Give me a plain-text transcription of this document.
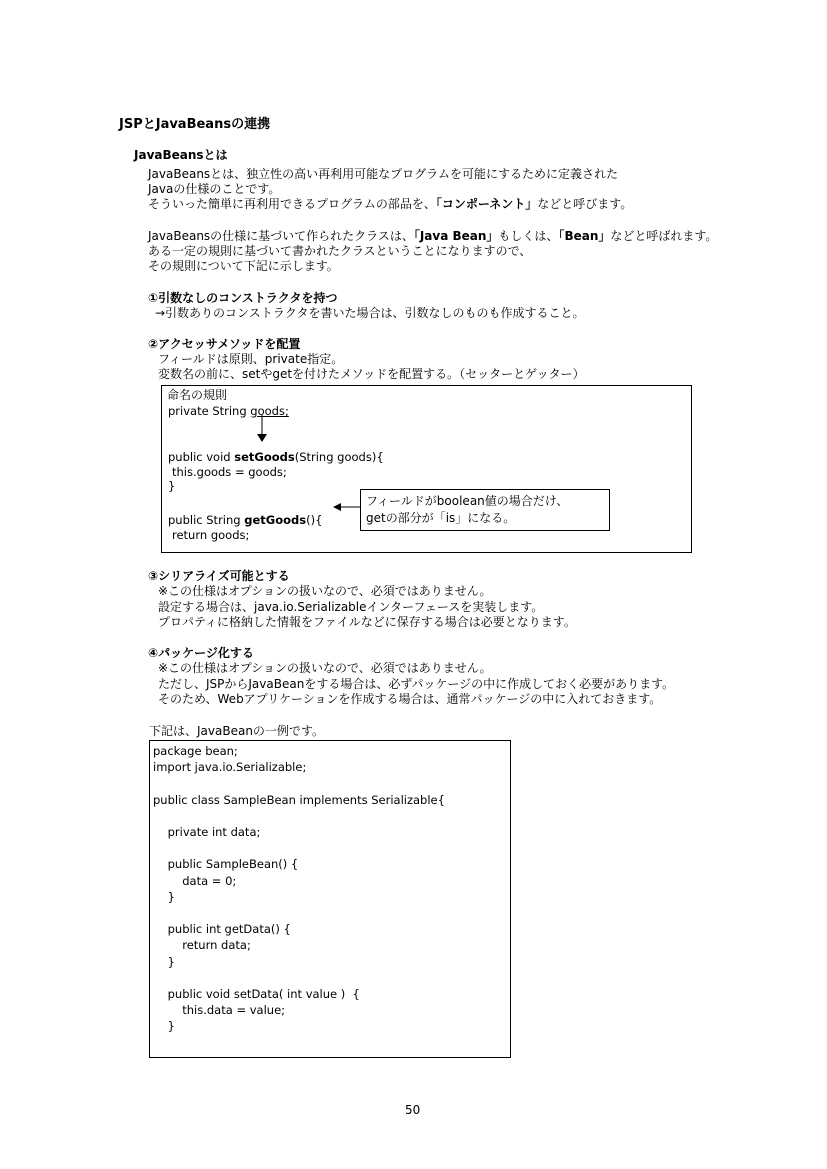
JSPとJavaBeansの連携
JavaBeansとは
JavaBeansとは、独立性の高い再利用可能なプログラムを可能にするために定義された
Javaの仕様のことです。
そういった簡単に再利用できるプログラムの部品を、「コンポーネント」などと呼びます。
JavaBeansの仕様に基づいて作られたクラスは、「Java Bean」もしくは、「Bean」などと呼ばれます。
ある一定の規則に基づいて書かれたクラスということになりますので、
その規則について下記に示します。
①引数なしのコンストラクタを持つ
→引数ありのコンストラクタを書いた場合は、引数なしのものも作成すること。
②アクセッサメソッドを配置
フィールドは原則、private指定。
変数名の前に、setやgetを付けたメソッドを配置する。（セッターとゲッター）
命名の規則
private String goods;
public void setGoods(String goods){
this.goods = goods;
}
public String getGoods(){
return goods;
フィールドがboolean値の場合だけ、
getの部分が「is」になる。
③シリアライズ可能とする
※この仕様はオプションの扱いなので、必須ではありません。
設定する場合は、java.io.Serializableインターフェースを実装します。
プロパティに格納した情報をファイルなどに保存する場合は必要となります。
④パッケージ化する
※この仕様はオプションの扱いなので、必須ではありません。
ただし、JSPからJavaBeanをする場合は、必ずパッケージの中に作成しておく必要があります。
そのため、Webアプリケーションを作成する場合は、通常パッケージの中に入れておきます。
下記は、JavaBeanの一例です。
package bean;
import java.io.Serializable;
public class SampleBean implements Serializable{
private int data;
public SampleBean() {
data = 0;
}
public int getData() {
return data;
}
public void setData( int value )  {
this.data = value;
}
50
